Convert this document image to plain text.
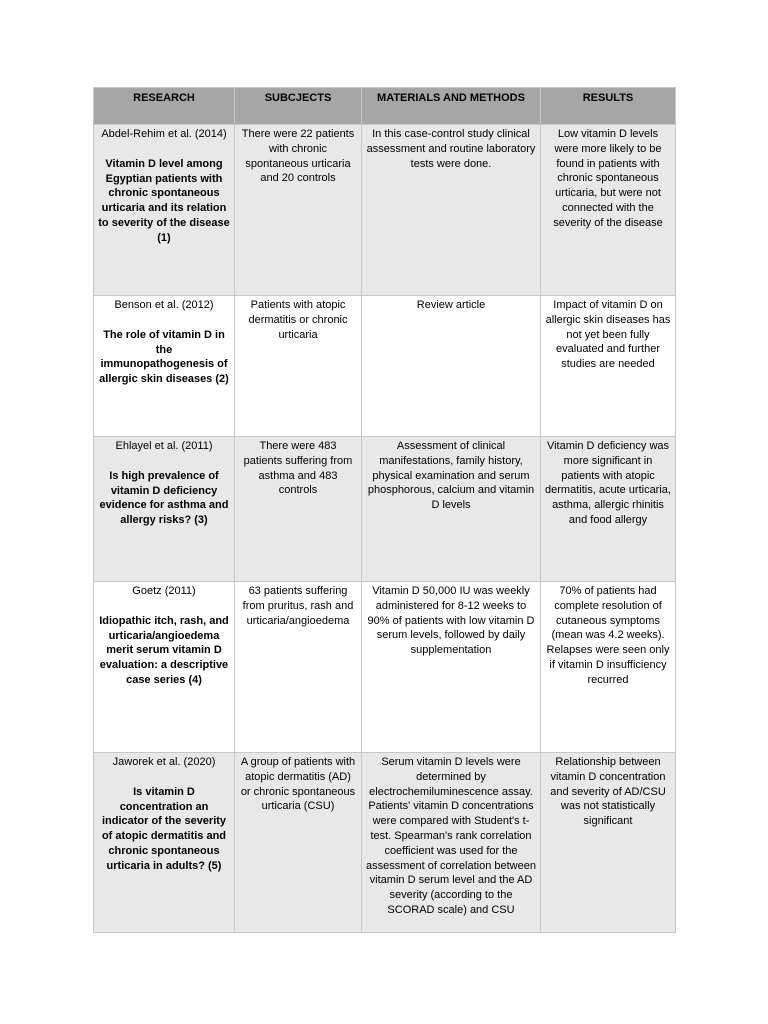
RESEARCH	SUBCJECTS	MATERIALS AND METHODS	RESULTS
Abdel-Rehim et al. (2014)
Vitamin D level among Egyptian patients with chronic spontaneous urticaria and its relation to severity of the disease (1)	There were 22 patients with chronic spontaneous urticaria and 20 controls	In this case-control study clinical assessment and routine laboratory tests were done.	Low vitamin D levels were more likely to be found in patients with chronic spontaneous urticaria, but were not connected with the severity of the disease
Benson et al. (2012)
The role of vitamin D in the immunopathogenesis of allergic skin diseases (2)	Patients with atopic dermatitis or chronic urticaria	Review article	Impact of vitamin D on allergic skin diseases has not yet been fully evaluated and further studies are needed
Ehlayel et al. (2011)
Is high prevalence of vitamin D deficiency evidence for asthma and allergy risks? (3)	There were 483 patients suffering from asthma and 483 controls	Assessment of clinical manifestations, family history, physical examination and serum phosphorous, calcium and vitamin D levels	Vitamin D deficiency was more significant in patients with atopic dermatitis, acute urticaria, asthma, allergic rhinitis and food allergy
Goetz (2011)
Idiopathic itch, rash, and urticaria/angioedema merit serum vitamin D evaluation: a descriptive case series (4)	63 patients suffering from pruritus, rash and urticaria/angioedema	Vitamin D 50,000 IU was weekly administered for 8-12 weeks to 90% of patients with low vitamin D serum levels, followed by daily supplementation	70% of patients had complete resolution of cutaneous symptoms (mean was 4.2 weeks). Relapses were seen only if vitamin D insufficiency recurred
Jaworek et al. (2020)
Is vitamin D concentration an indicator of the severity of atopic dermatitis and chronic spontaneous urticaria in adults? (5)	A group of patients with atopic dermatitis (AD) or chronic spontaneous urticaria (CSU)	Serum vitamin D levels were determined by electrochemiluminescence assay. Patients' vitamin D concentrations were compared with Student's t-test. Spearman's rank correlation coefficient was used for the assessment of correlation between vitamin D serum level and the AD severity (according to the SCORAD scale) and CSU	Relationship between vitamin D concentration and severity of AD/CSU was not statistically significant
